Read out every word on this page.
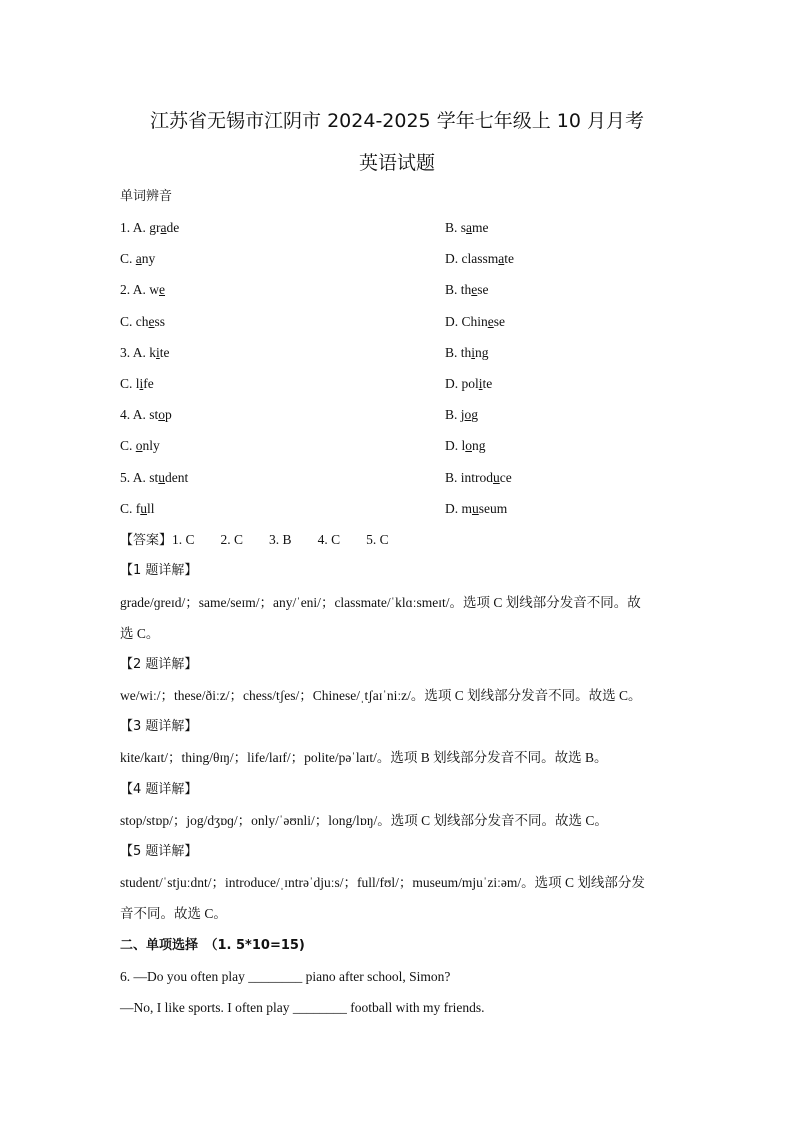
江苏省无锡市江阴市 2024-2025 学年七年级上 10 月月考
英语试题
单词辨音
1. A. grade	B. same
C. any	D. classmate
2. A. we	B. these
C. chess	D. Chinese
3. A. kite	B. thing
C. life	D. polite
4. A. stop	B. jog
C. only	D. long
5. A. student	B. introduce
C. full	D. museum
【答案】1. C 2. C 3. B 4. C 5. C
【1 题详解】
grade/ɡreɪd/；same/seɪm/；any/ˈeni/；classmate/ˈklɑːsmeɪt/。选项 C 划线部分发音不同。故
选 C。
【2 题详解】
we/wiː/；these/ðiːz/；chess/tʃes/；Chinese/ˌtʃaɪˈniːz/。选项 C 划线部分发音不同。故选 C。
【3 题详解】
kite/kaɪt/；thing/θɪŋ/；life/laɪf/；polite/pəˈlaɪt/。选项 B 划线部分发音不同。故选 B。
【4 题详解】
stop/stɒp/；jog/dʒɒɡ/；only/ˈəʊnli/；long/lɒŋ/。选项 C 划线部分发音不同。故选 C。
【5 题详解】
student/ˈstjuːdnt/；introduce/ˌɪntrəˈdjuːs/；full/fʊl/；museum/mjuˈziːəm/。选项 C 划线部分发
音不同。故选 C。
二、单项选择　（1. 5*10=15)
6. —Do you often play ________ piano after school, Simon?
—No, I like sports. I often play ________ football with my friends.
